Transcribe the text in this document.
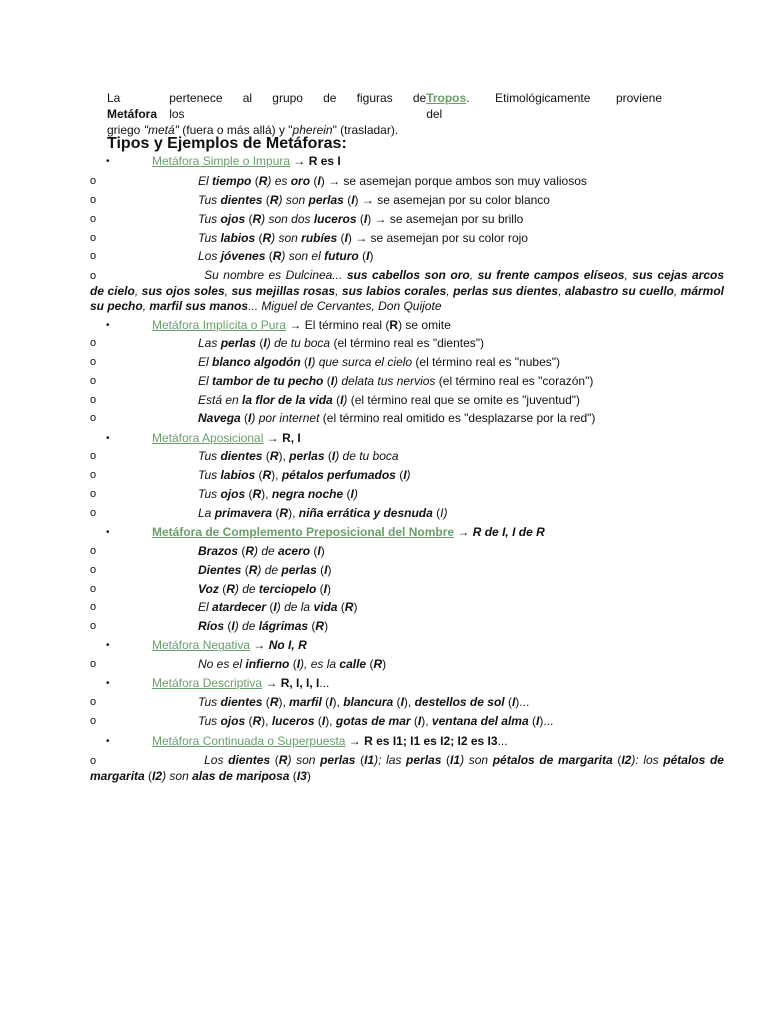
La Metáfora
pertenece al grupo de figuras de los
Tropos. Etimológicamente proviene del
griego "metá" (fuera o más allá) y "pherein" (trasladar).
Tipos y Ejemplos de Metáforas:
•	Metáfora Simple o Impura → R es I
o	El tiempo (R) es oro (I) → se asemejan porque ambos son muy valiosos
o	Tus dientes (R) son perlas (I) → se asemejan por su color blanco
o	Tus ojos (R) son dos luceros (I) → se asemejan por su brillo
o	Tus labios (R) son rubíes (I) → se asemejan por su color rojo
o	Los jóvenes (R) son el futuro (I)
o	Su nombre es Dulcinea... sus cabellos son oro, su frente campos elíseos, sus cejas arcos de cielo, sus ojos soles, sus mejillas rosas, sus labios corales, perlas sus dientes, alabastro su cuello, mármol su pecho, marfil sus manos... Miguel de Cervantes, Don Quijote
•	Metáfora Implícita o Pura → El término real (R) se omite
o	Las perlas (I) de tu boca (el término real es "dientes")
o	El blanco algodón (I) que surca el cielo (el término real es "nubes")
o	El tambor de tu pecho (I) delata tus nervios (el término real es "corazón")
o	Está en la flor de la vida (I) (el término real que se omite es "juventud")
o	Navega (I) por internet (el término real omitido es "desplazarse por la red")
•	Metáfora Aposicional → R, I
o	Tus dientes (R), perlas (I) de tu boca
o	Tus labios (R), pétalos perfumados (I)
o	Tus ojos (R), negra noche (I)
o	La primavera (R), niña errática y desnuda (I)
•	Metáfora de Complemento Preposicional del Nombre → R de I, I de R
o	Brazos (R) de acero (I)
o	Dientes (R) de perlas (I)
o	Voz (R) de terciopelo (I)
o	El atardecer (I) de la vida (R)
o	Ríos (I) de lágrimas (R)
•	Metáfora Negativa → No I, R
o	No es el infierno (I), es la calle (R)
•	Metáfora Descriptiva → R, I, I, I...
o	Tus dientes (R), marfil (I), blancura (I), destellos de sol (I)...
o	Tus ojos (R), luceros (I), gotas de mar (I), ventana del alma (I)...
•	Metáfora Continuada o Superpuesta → R es I1; I1 es I2; I2 es I3...
o	Los dientes (R) son perlas (I1); las perlas (I1) son pétalos de margarita (I2): los pétalos de margarita (I2) son alas de mariposa (I3)
